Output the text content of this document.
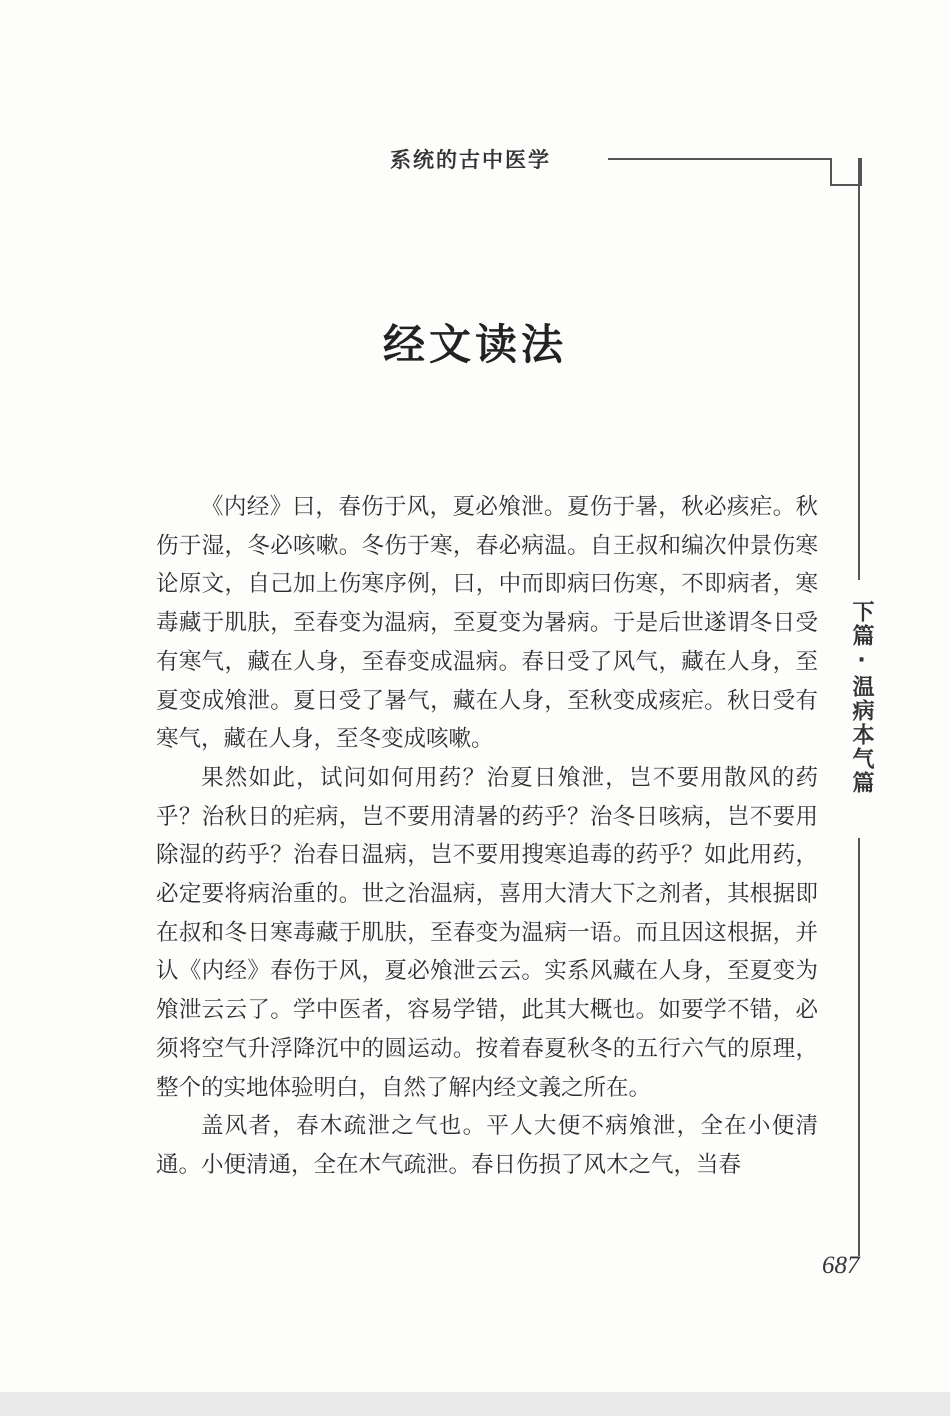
系统的古中医学
下篇·温病本气篇
经文读法

《内经》曰，春伤于风，夏必飧泄。夏伤于暑，秋必痎疟。秋伤于湿，冬必咳嗽。冬伤于寒，春必病温。自王叔和编次仲景伤寒论原文，自己加上伤寒序例，曰，中而即病曰伤寒，不即病者，寒毒藏于肌肤，至春变为温病，至夏变为暑病。于是后世遂谓冬日受有寒气，藏在人身，至春变成温病。春日受了风气，藏在人身，至夏变成飧泄。夏日受了暑气，藏在人身，至秋变成痎疟。秋日受有寒气，藏在人身，至冬变成咳嗽。

果然如此，试问如何用药？治夏日飧泄，岂不要用散风的药乎？治秋日的疟病，岂不要用清暑的药乎？治冬日咳病，岂不要用除湿的药乎？治春日温病，岂不要用搜寒追毒的药乎？如此用药，必定要将病治重的。世之治温病，喜用大清大下之剂者，其根据即在叔和冬日寒毒藏于肌肤，至春变为温病一语。而且因这根据，并认《内经》春伤于风，夏必飧泄云云。实系风藏在人身，至夏变为飧泄云云了。学中医者，容易学错，此其大概也。如要学不错，必须将空气升浮降沉中的圆运动。按着春夏秋冬的五行六气的原理，整个的实地体验明白，自然了解内经文義之所在。

盖风者，春木疏泄之气也。平人大便不病飧泄，全在小便清通。小便清通，全在木气疏泄。春日伤损了风木之气，当春

687
